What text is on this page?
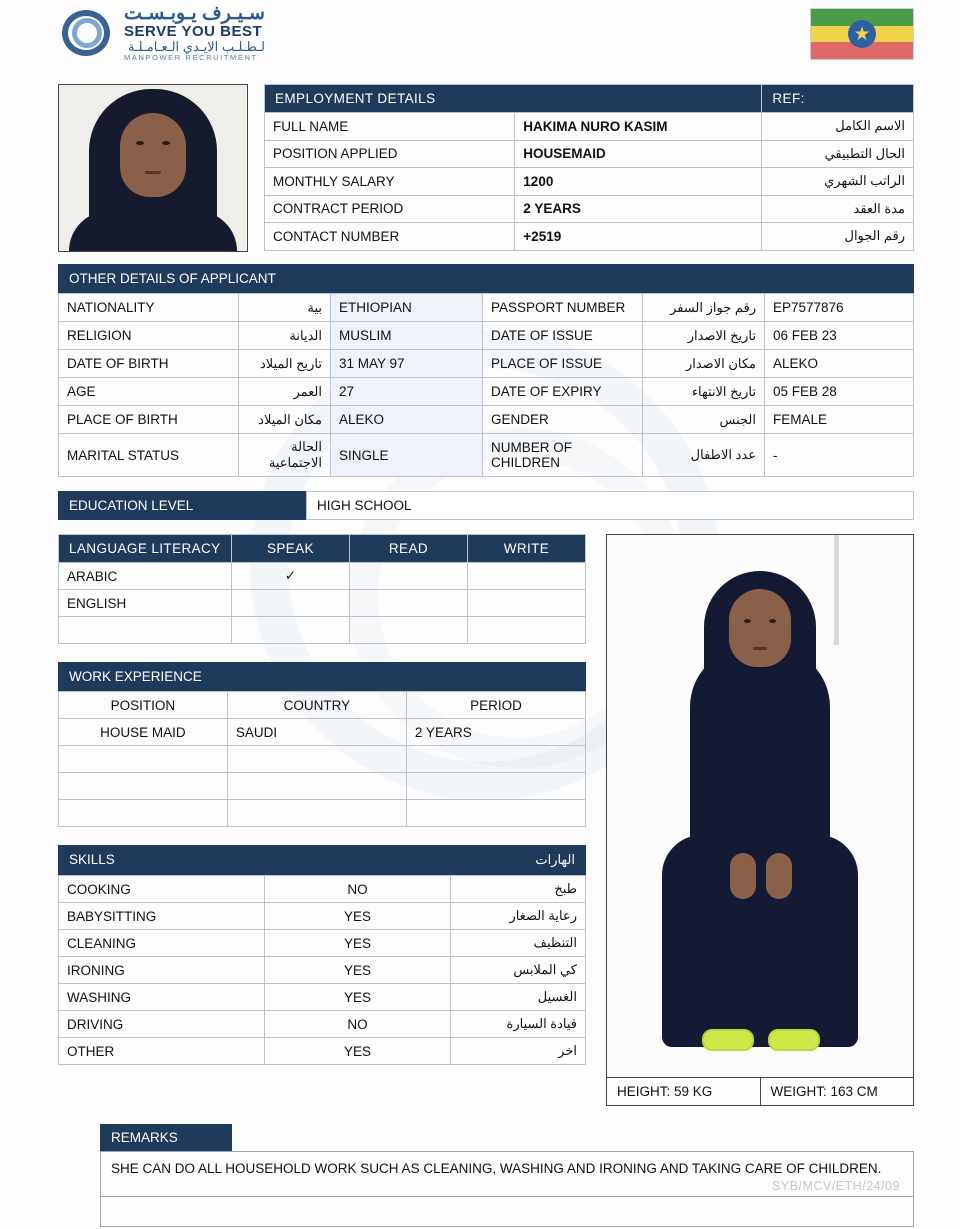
سـيـرف يـوبـسـت
SERVE YOU BEST
لـطـلـب الايـدي الـعـامـلـة
MANPOWER RECRUITMENT
★
EMPLOYMENT DETAILS		REF:
FULL NAME	HAKIMA NURO KASIM	الاسم الكامل
POSITION APPLIED	HOUSEMAID	الحال التطبيقي
MONTHLY SALARY	1200	الراتب الشهري
CONTRACT PERIOD	2 YEARS	مدة العقد
CONTACT NUMBER	+2519	رقم الجوال
OTHER DETAILS OF APPLICANT
NATIONALITY	بية	ETHIOPIAN	PASSPORT NUMBER	رقم جواز السفر	EP7577876
RELIGION	الديانة	MUSLIM	DATE OF ISSUE	تاريخ الاصدار	06 FEB 23
DATE OF BIRTH	تاريح الميلاد	31 MAY 97	PLACE OF ISSUE	مكان الاصدار	ALEKO
AGE	العمر	27	DATE OF EXPIRY	تاريخ الانتهاء	05 FEB 28
PLACE OF BIRTH	مكان الميلاد	ALEKO	GENDER	الجنس	FEMALE
MARITAL STATUS	الحالة الاجتماعية	SINGLE	NUMBER OF CHILDREN	عدد الاطفال	-
EDUCATION LEVEL	HIGH SCHOOL
LANGUAGE LITERACY	SPEAK	READ	WRITE
ARABIC	✓		
ENGLISH			

WORK EXPERIENCE
POSITION	COUNTRY	PERIOD
HOUSE MAID	SAUDI	2 YEARS

SKILLS	الهارات
COOKING	NO	طبخ
BABYSITTING	YES	رعاية الصغار
CLEANING	YES	التنظيف
IRONING	YES	كي الملابس
WASHING	YES	الغسيل
DRIVING	NO	قيادة السيارة
OTHER	YES	اخر
HEIGHT: 59 KG	WEIGHT: 163 CM
REMARKS
SHE CAN DO ALL HOUSEHOLD WORK SUCH AS CLEANING, WASHING AND IRONING AND TAKING CARE OF CHILDREN.
SYB/MCV/ETH/24/09
